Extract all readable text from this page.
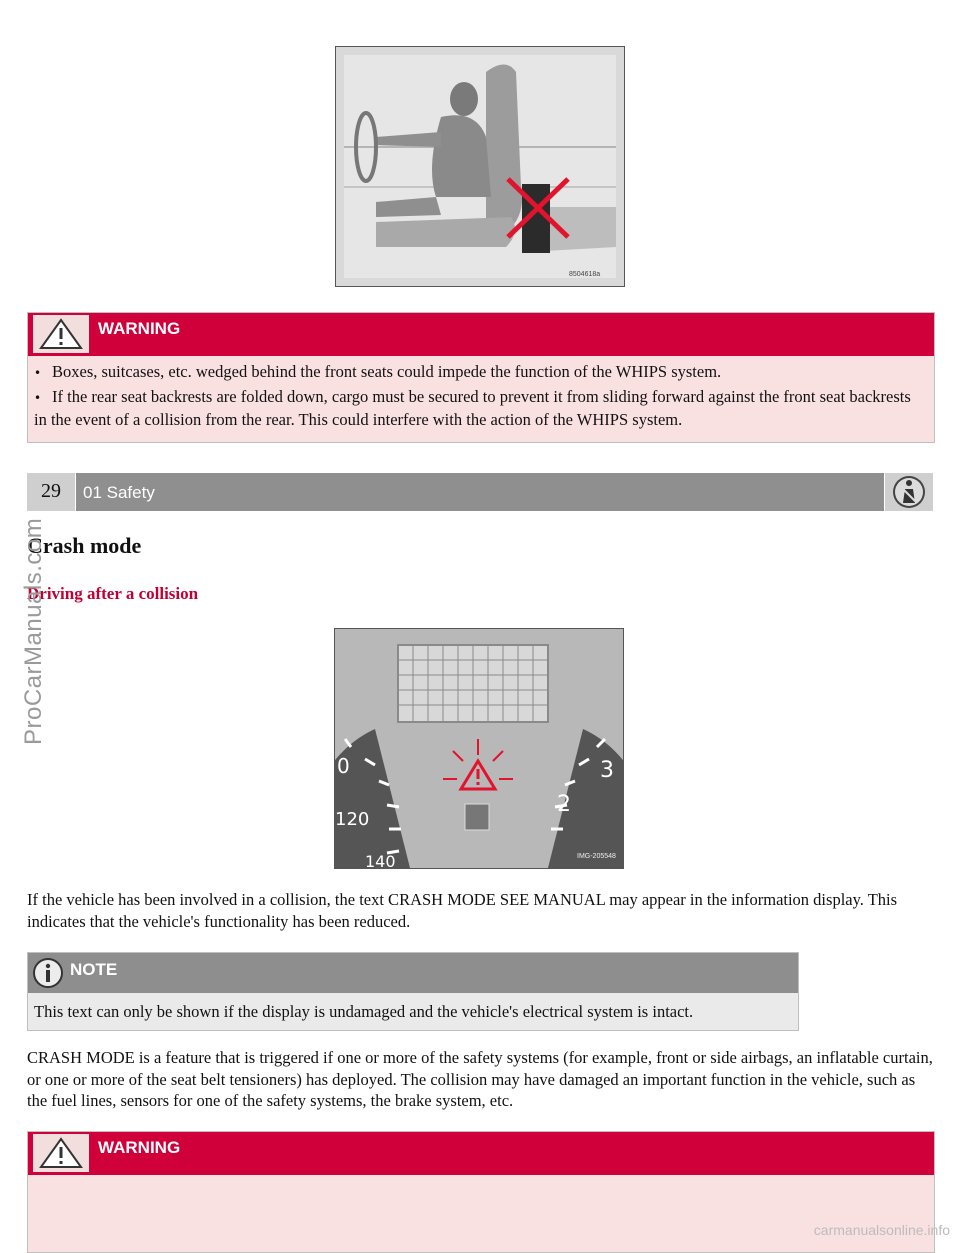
8504618a
WARNING
• Boxes, suitcases, etc. wedged behind the front seats could impede the function of the WHIPS system.
• If the rear seat backrests are folded down, cargo must be secured to prevent it from sliding forward against the front seat backrests in the event of a collision from the rear. This could interfere with the action of the WHIPS system.
29	01 Safety
Crash mode
Driving after a collision
0
120
140
3
2
IMG-205548

If the vehicle has been involved in a collision, the text CRASH MODE SEE MANUAL may appear in the information display. This indicates that the vehicle's functionality has been reduced.

NOTE

This text can only be shown if the display is undamaged and the vehicle's electrical system is intact.

CRASH MODE is a feature that is triggered if one or more of the safety systems (for example, front or side airbags, an inflatable curtain, or one or more of the seat belt tensioners) has deployed. The collision may have damaged an important function in the vehicle, such as the fuel lines, sensors for one of the safety systems, the brake system, etc.

WARNING
ProCarManuals.com
carmanualsonline.info
